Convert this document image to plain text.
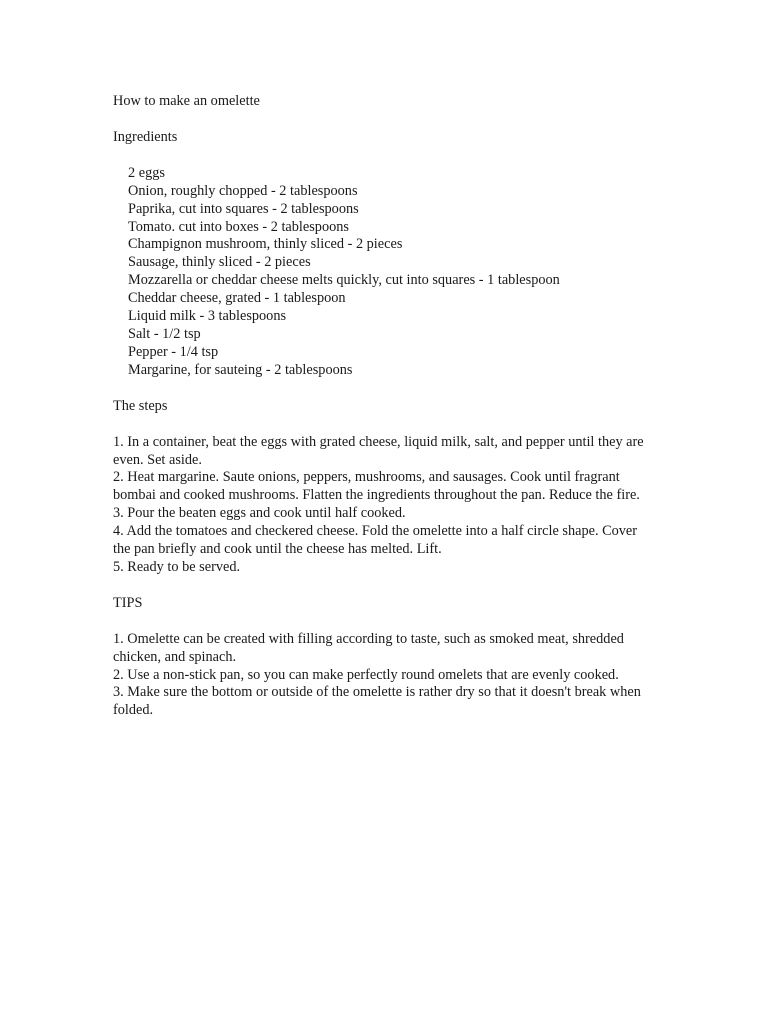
How to make an omelette
Ingredients
2 eggs
Onion, roughly chopped - 2 tablespoons
Paprika, cut into squares - 2 tablespoons
Tomato. cut into boxes - 2 tablespoons
Champignon mushroom, thinly sliced - 2 pieces
Sausage, thinly sliced - 2 pieces
Mozzarella or cheddar cheese melts quickly, cut into squares - 1 tablespoon
Cheddar cheese, grated - 1 tablespoon
Liquid milk - 3 tablespoons
Salt - 1/2 tsp
Pepper - 1/4 tsp
Margarine, for sauteing - 2 tablespoons
The steps
1. In a container, beat the eggs with grated cheese, liquid milk, salt, and pepper until they are even. Set aside.
2. Heat margarine. Saute onions, peppers, mushrooms, and sausages. Cook until fragrant bombai and cooked mushrooms. Flatten the ingredients throughout the pan. Reduce the fire.
3. Pour the beaten eggs and cook until half cooked.
4. Add the tomatoes and checkered cheese. Fold the omelette into a half circle shape. Cover the pan briefly and cook until the cheese has melted. Lift.
5. Ready to be served.
TIPS
1. Omelette can be created with filling according to taste, such as smoked meat, shredded chicken, and spinach.
2. Use a non-stick pan, so you can make perfectly round omelets that are evenly cooked.
3. Make sure the bottom or outside of the omelette is rather dry so that it doesn't break when folded.
